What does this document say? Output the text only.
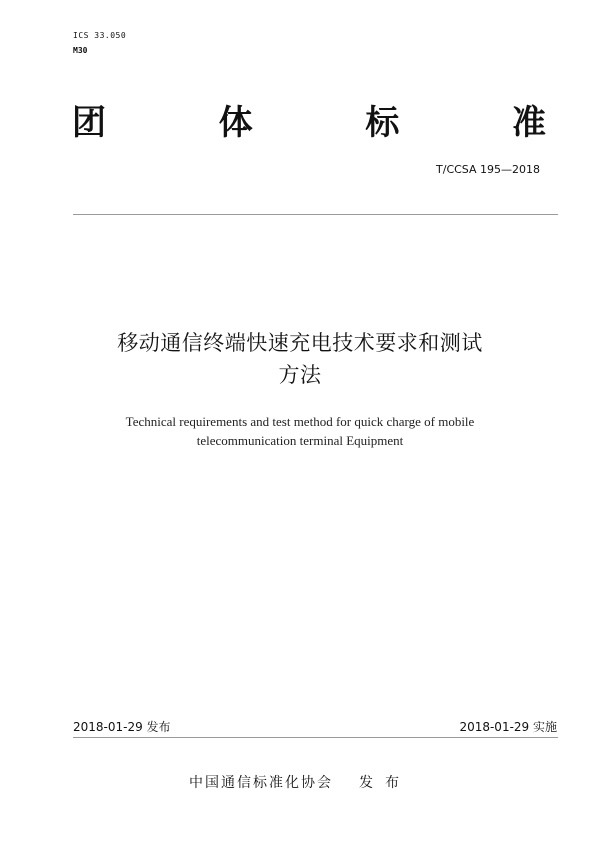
ICS 33.050
M30
团	体	标	准
T/CCSA 195—2018
移动通信终端快速充电技术要求和测试
方法
Technical requirements and test method for quick charge of mobile
telecommunication terminal Equipment
2018-01-29 发布	2018-01-29 实施
中国通信标准化协会 发布
